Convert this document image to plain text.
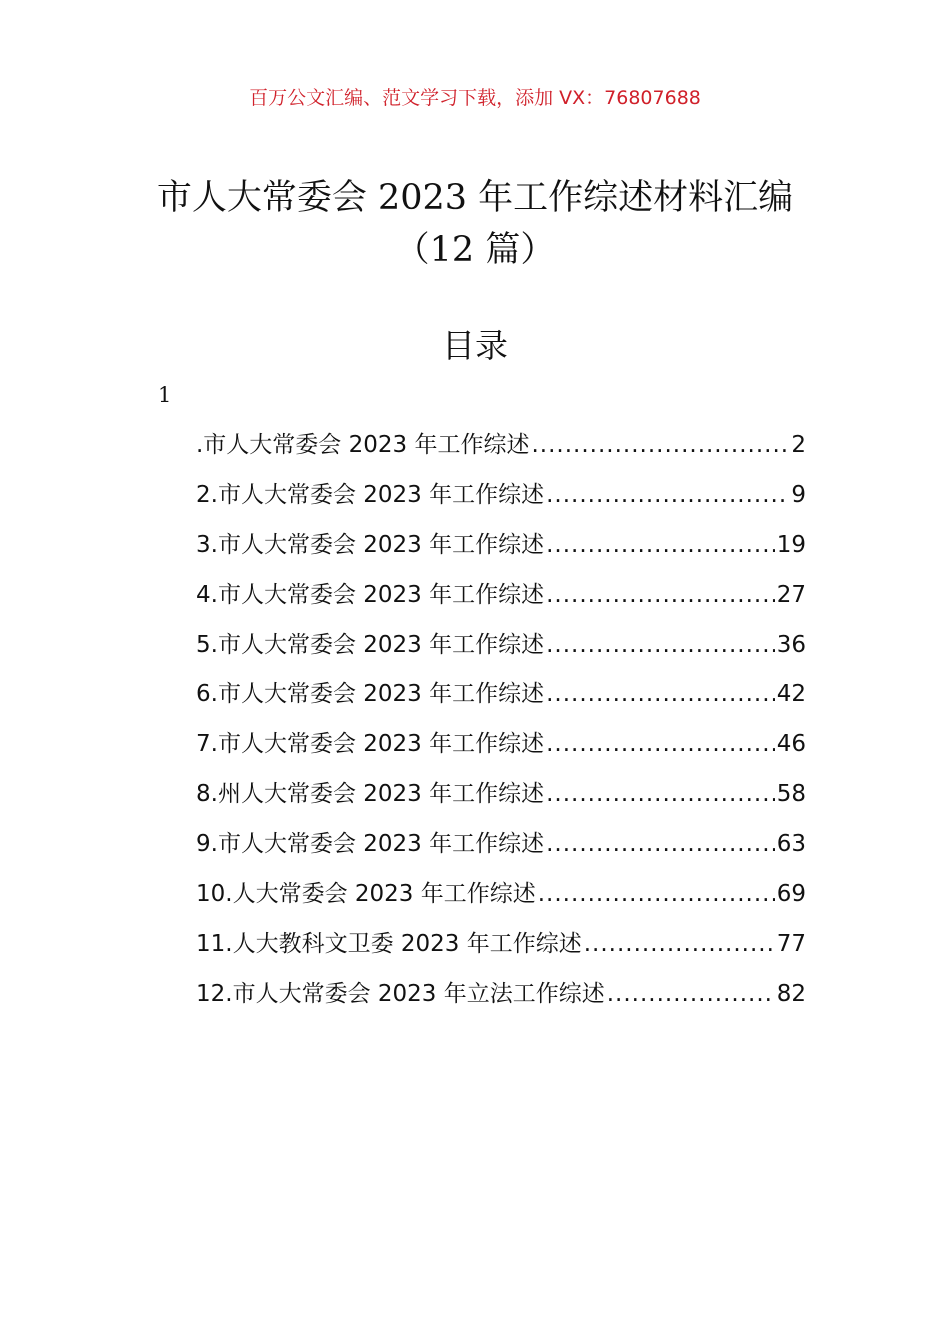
百万公文汇编、范文学习下载，添加 VX：76807688
市人大常委会 2023 年工作综述材料汇编
（12 篇）
目录
1
.市人大常委会 2023 年工作综述 .....	2
2.市人大常委会 2023 年工作综述 .....	9
3.市人大常委会 2023 年工作综述 .....	19
4.市人大常委会 2023 年工作综述 .....	27
5.市人大常委会 2023 年工作综述 .....	36
6.市人大常委会 2023 年工作综述 .....	42
7.市人大常委会 2023 年工作综述 .....	46
8.州人大常委会 2023 年工作综述 .....	58
9.市人大常委会 2023 年工作综述 .....	63
10.人大常委会 2023 年工作综述 .....	69
11.人大教科文卫委 2023 年工作综述 .....	77
12.市人大常委会 2023 年立法工作综述 .....	82
